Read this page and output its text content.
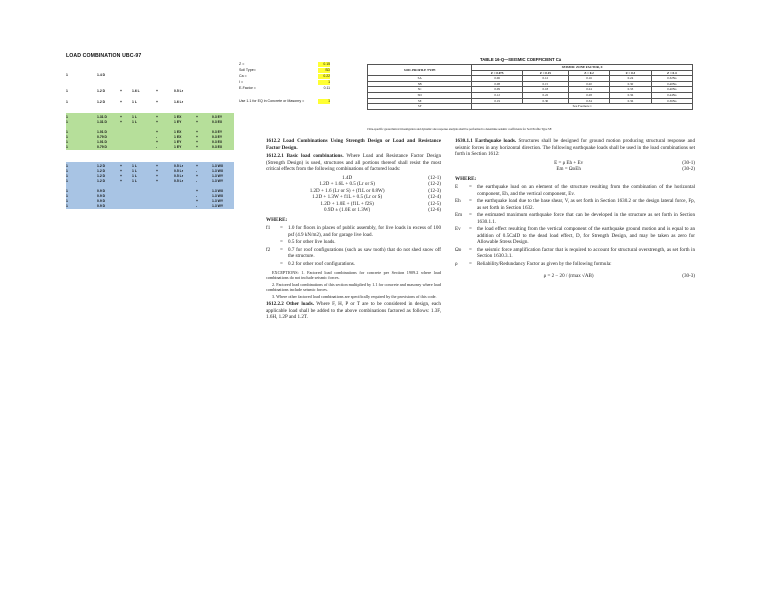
LOAD COMBINATION UBC-97
1	1.4 D
1	1.2 D	+	1.6 L	+	0.5 Lr
1	1.2 D	+	1 L	+	1.6 Lr
1	1.31 D	+	1 L	+	1 EX	+	0.3 EY
1	1.31 D	+	1 L	+	1 EY	+	0.3 EX
1	1.01 D	+	1 EX	+	0.3 EY
1	0.79 D	-	1 EX	+	0.3 EY
1	1.01 D	+	1 EY	+	0.3 EX
1	0.79 D	-	1 EY	+	0.3 EX
1	1.2 D	+	1 L	+	0.5 Lr	+	1.3 WX
1	1.2 D	+	1 L	+	0.5 Lr	-	1.3 WX
1	1.2 D	+	1 L	+	0.5 Lr	+	1.3 WY
1	1.2 D	+	1 L	+	0.5 Lr	-	1.3 WY
1	0.9 D	+	1.3 WX
1	0.9 D	-	1.3 WX
1	0.9 D	+	1.3 WY
1	0.9 D	-	1.3 WY
Z =	0.15
Soil Type=	SD
Ca =	0.22
I =	1
E-Factor =	0.11
Use 1.1 for EQ in Concrete or Masonry =	1
TABLE 16-Q—SEISMIC COEFFICIENT Ca
SOIL PROFILE TYPE	SEISMIC ZONE FACTOR, Z				
	Z = 0.075	Z = 0.15	Z = 0.2	Z = 0.3	Z = 0.4
SA	0.06	0.12	0.16	0.24	0.32Na
SB	0.08	0.15	0.20	0.30	0.40Na
SC	0.09	0.18	0.24	0.33	0.40Na
SD	0.12	0.22	0.28	0.36	0.44Na
SE	0.19	0.30	0.34	0.36	0.36Na
SF	See Footnote 1				
1Site-specific geotechnical investigation and dynamic site response analysis shall be performed to determine seismic coefficients for Soil Profile Type SF.

1612.2 Load Combinations Using Strength Design or Load and Resistance Factor Design.

1612.2.1 Basic load combinations. Where Load and Resistance Factor Design (Strength Design) is used, structures and all portions thereof shall resist the most critical effects from the following combinations of factored loads:

1.4D	(12-1)
1.2D + 1.6L + 0.5 (Lr or S)	(12-2)
1.2D + 1.6 (Lr or S) + (f1L or 0.8W)	(12-3)
1.2D + 1.3W + f1L + 0.5 (Lr or S)	(12-4)
1.2D + 1.0E + (f1L + f2S)	(12-5)
0.9D ± (1.0E or 1.3W)	(12-6)

WHERE:

f1	=	1.0 for floors in places of public assembly, for live loads in excess of 100 psf (4.9 kN/m2), and for garage live load.
=	0.5 for other live loads.
f2	=	0.7 for roof configurations (such as saw tooth) that do not shed snow off the structure.
=	0.2 for other roof configurations.

EXCEPTIONS: 1. Factored load combinations for concrete per Section 1909.2 where load combinations do not include seismic forces.

2. Factored load combinations of this section multiplied by 1.1 for concrete and masonry where load combinations include seismic forces.

3. Where other factored load combinations are specifically required by the provisions of this code.

1612.2.2 Other loads. Where F, H, P or T are to be considered in design, each applicable load shall be added to the above combinations factored as follows: 1.3F, 1.6H, 1.2P and 1.2T.

1630.1.1 Earthquake loads. Structures shall be designed for ground motion producing structural response and seismic forces in any horizontal direction. The following earthquake loads shall be used in the load combinations set forth in Section 1612:

E = ρ Eh + Ev	(30-1)
Em = ΩoEh	(30-2)

WHERE:

E	=	the earthquake load on an element of the structure resulting from the combination of the horizontal component, Eh, and the vertical component, Ev.
Eh	=	the earthquake load due to the base shear, V, as set forth in Section 1630.2 or the design lateral force, Fp, as set forth in Section 1632.
Em	=	the estimated maximum earthquake force that can be developed in the structure as set forth in Section 1630.1.1.
Ev	=	the load effect resulting from the vertical component of the earthquake ground motion and is equal to an addition of 0.5CaID to the dead load effect, D, for Strength Design, and may be taken as zero for Allowable Stress Design.
Ωo	=	the seismic force amplification factor that is required to account for structural overstrength, as set forth in Section 1630.3.1.
ρ	=	Reliability/Redundancy Factor as given by the following formula:
ρ = 2 − 20 / (rmax √AB)	(30-3)
